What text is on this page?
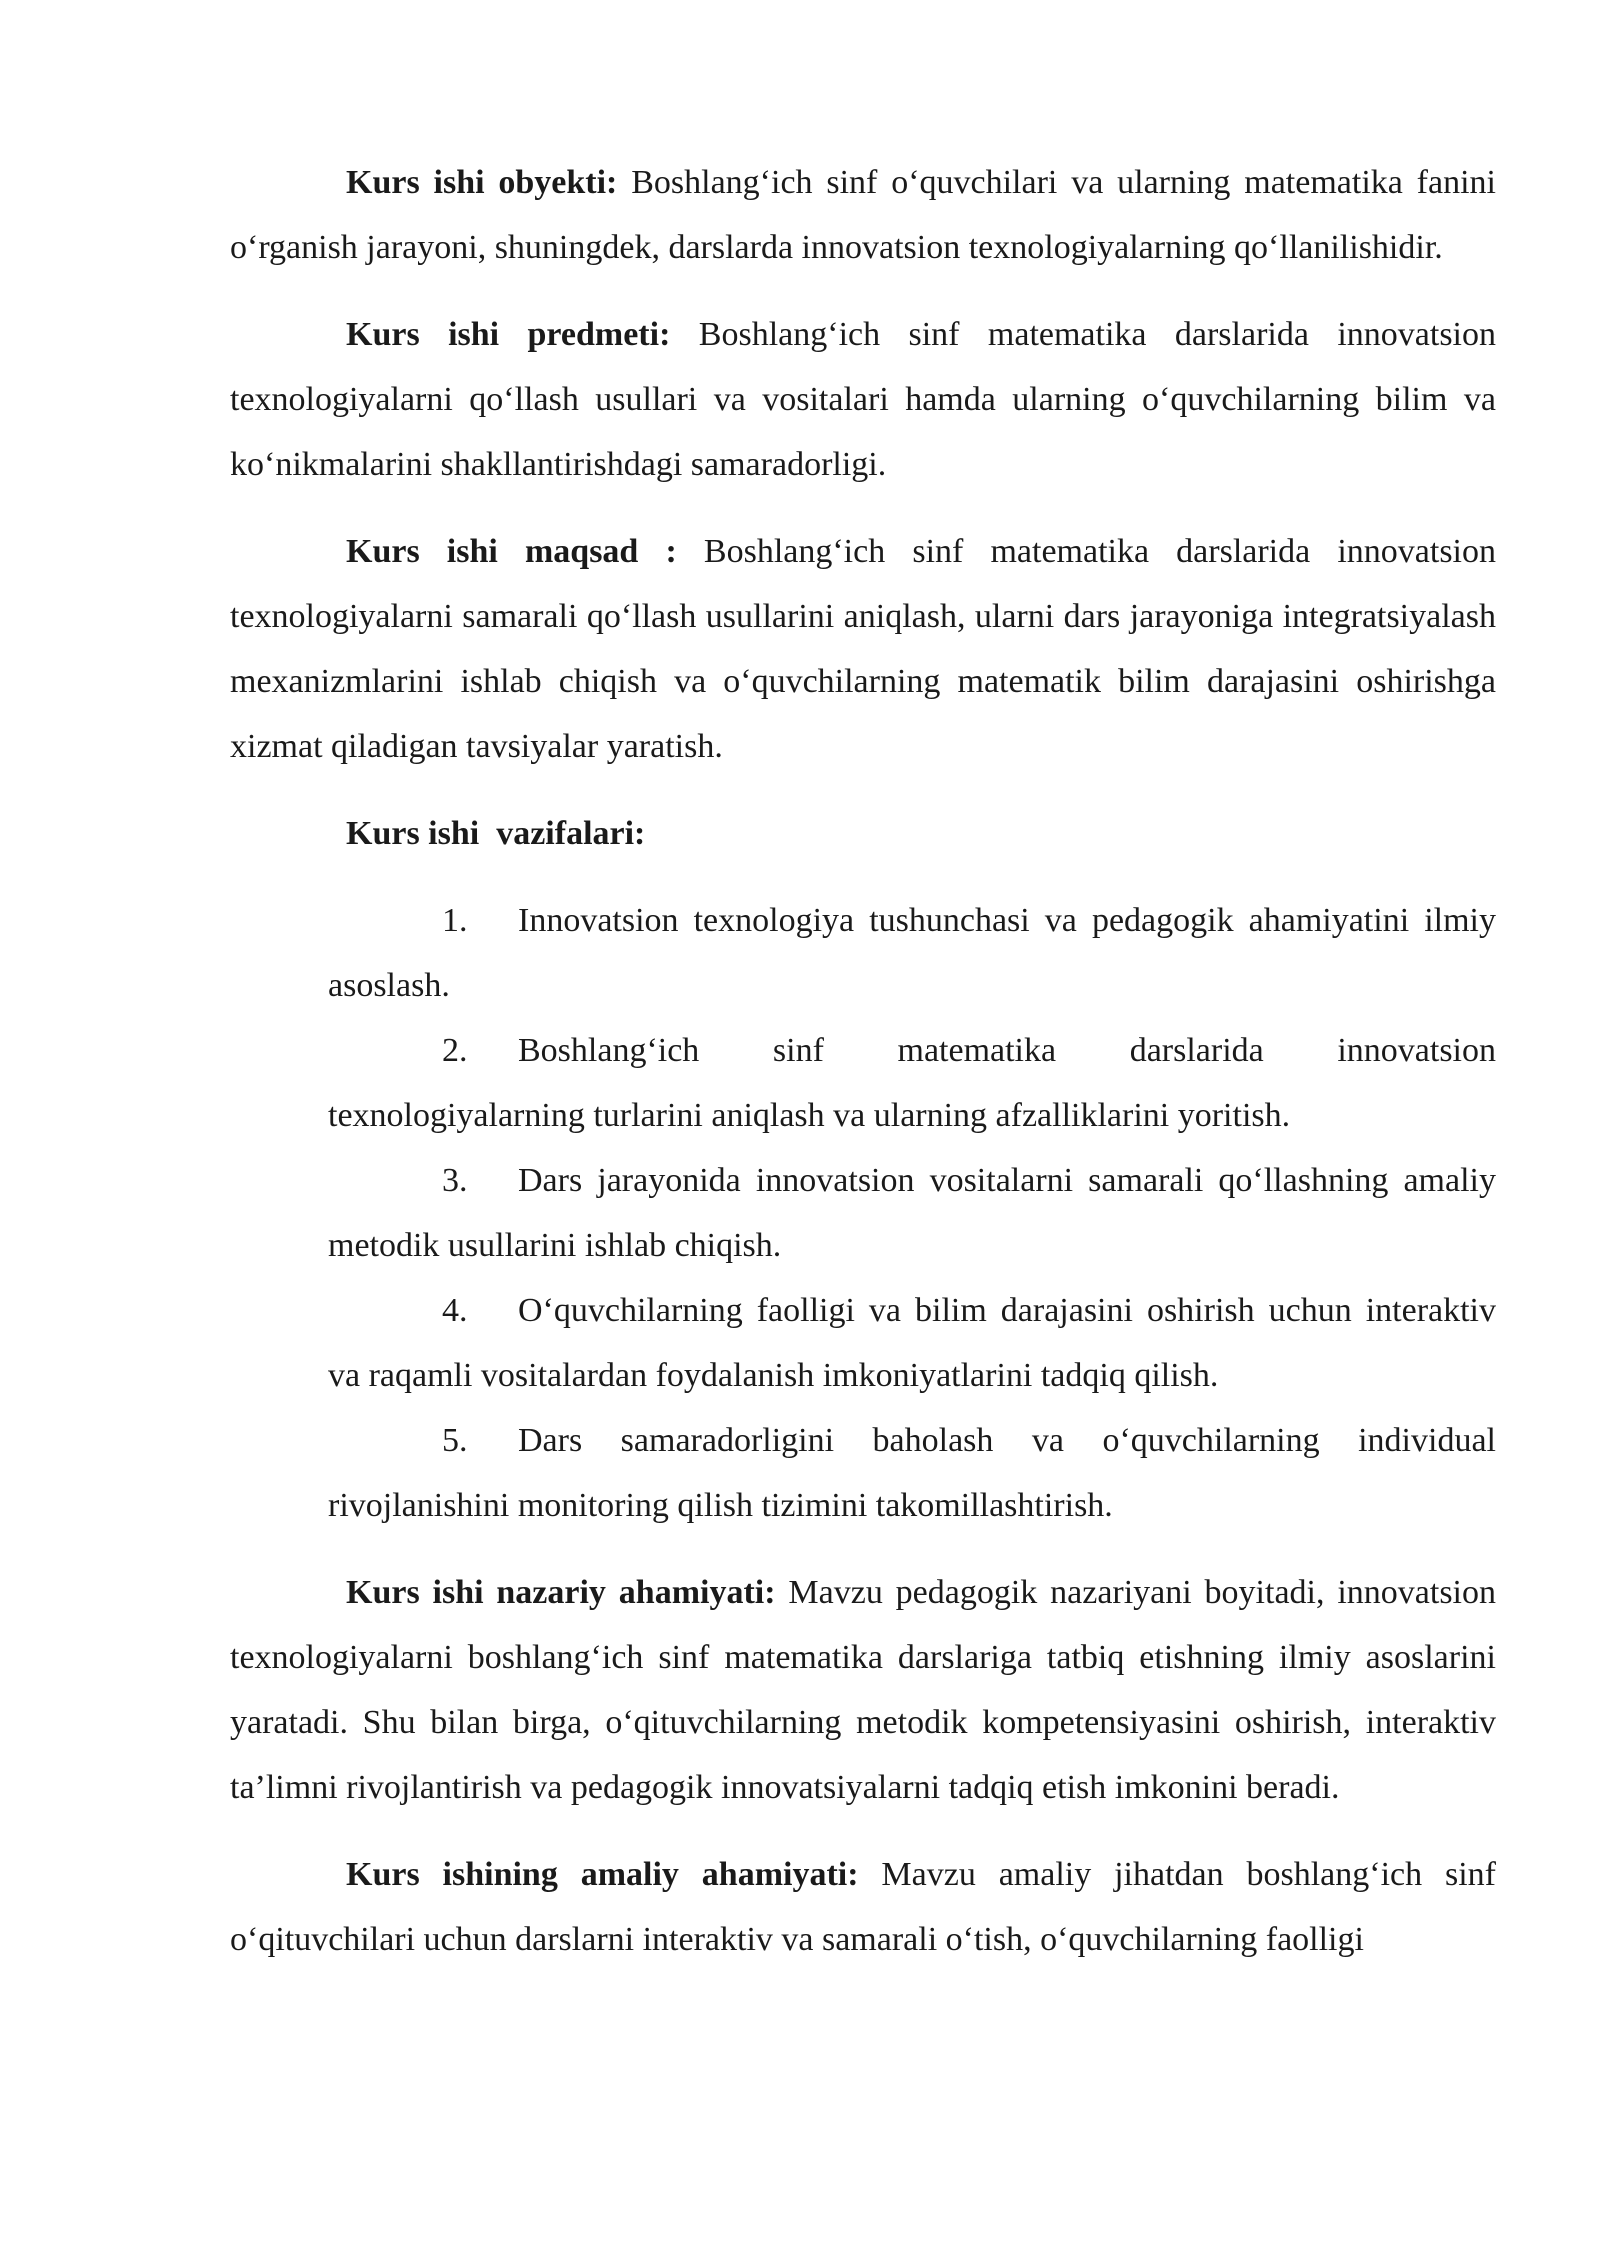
Kurs ishi obyekti: Boshlang‘ich sinf o‘quvchilari va ularning matematika fanini o‘rganish jarayoni, shuningdek, darslarda innovatsion texnologiyalarning qo‘llanilishidir.

Kurs ishi predmeti: Boshlang‘ich sinf matematika darslarida innovatsion texnologiyalarni qo‘llash usullari va vositalari hamda ularning o‘quvchilarning bilim va ko‘nikmalarini shakllantirishdagi samaradorligi.

Kurs ishi maqsad : Boshlang‘ich sinf matematika darslarida innovatsion texnologiyalarni samarali qo‘llash usullarini aniqlash, ularni dars jarayoniga integratsiyalash mexanizmlarini ishlab chiqish va o‘quvchilarning matematik bilim darajasini oshirishga xizmat qiladigan tavsiyalar yaratish.

Kurs ishi  vazifalari:

1. Innovatsion texnologiya tushunchasi va pedagogik ahamiyatini ilmiy asoslash.
2. Boshlang‘ich sinf matematika darslarida innovatsion texnologiyalarning turlarini aniqlash va ularning afzalliklarini yoritish.
3. Dars jarayonida innovatsion vositalarni samarali qo‘llashning amaliy metodik usullarini ishlab chiqish.
4. O‘quvchilarning faolligi va bilim darajasini oshirish uchun interaktiv va raqamli vositalardan foydalanish imkoniyatlarini tadqiq qilish.
5. Dars samaradorligini baholash va o‘quvchilarning individual rivojlanishini monitoring qilish tizimini takomillashtirish.

Kurs ishi nazariy ahamiyati: Mavzu pedagogik nazariyani boyitadi, innovatsion texnologiyalarni boshlang‘ich sinf matematika darslariga tatbiq etishning ilmiy asoslarini yaratadi. Shu bilan birga, o‘qituvchilarning metodik kompetensiyasini oshirish, interaktiv ta’limni rivojlantirish va pedagogik innovatsiyalarni tadqiq etish imkonini beradi.

Kurs ishining amaliy ahamiyati: Mavzu amaliy jihatdan boshlang‘ich sinf o‘qituvchilari uchun darslarni interaktiv va samarali o‘tish, o‘quvchilarning faolligi
